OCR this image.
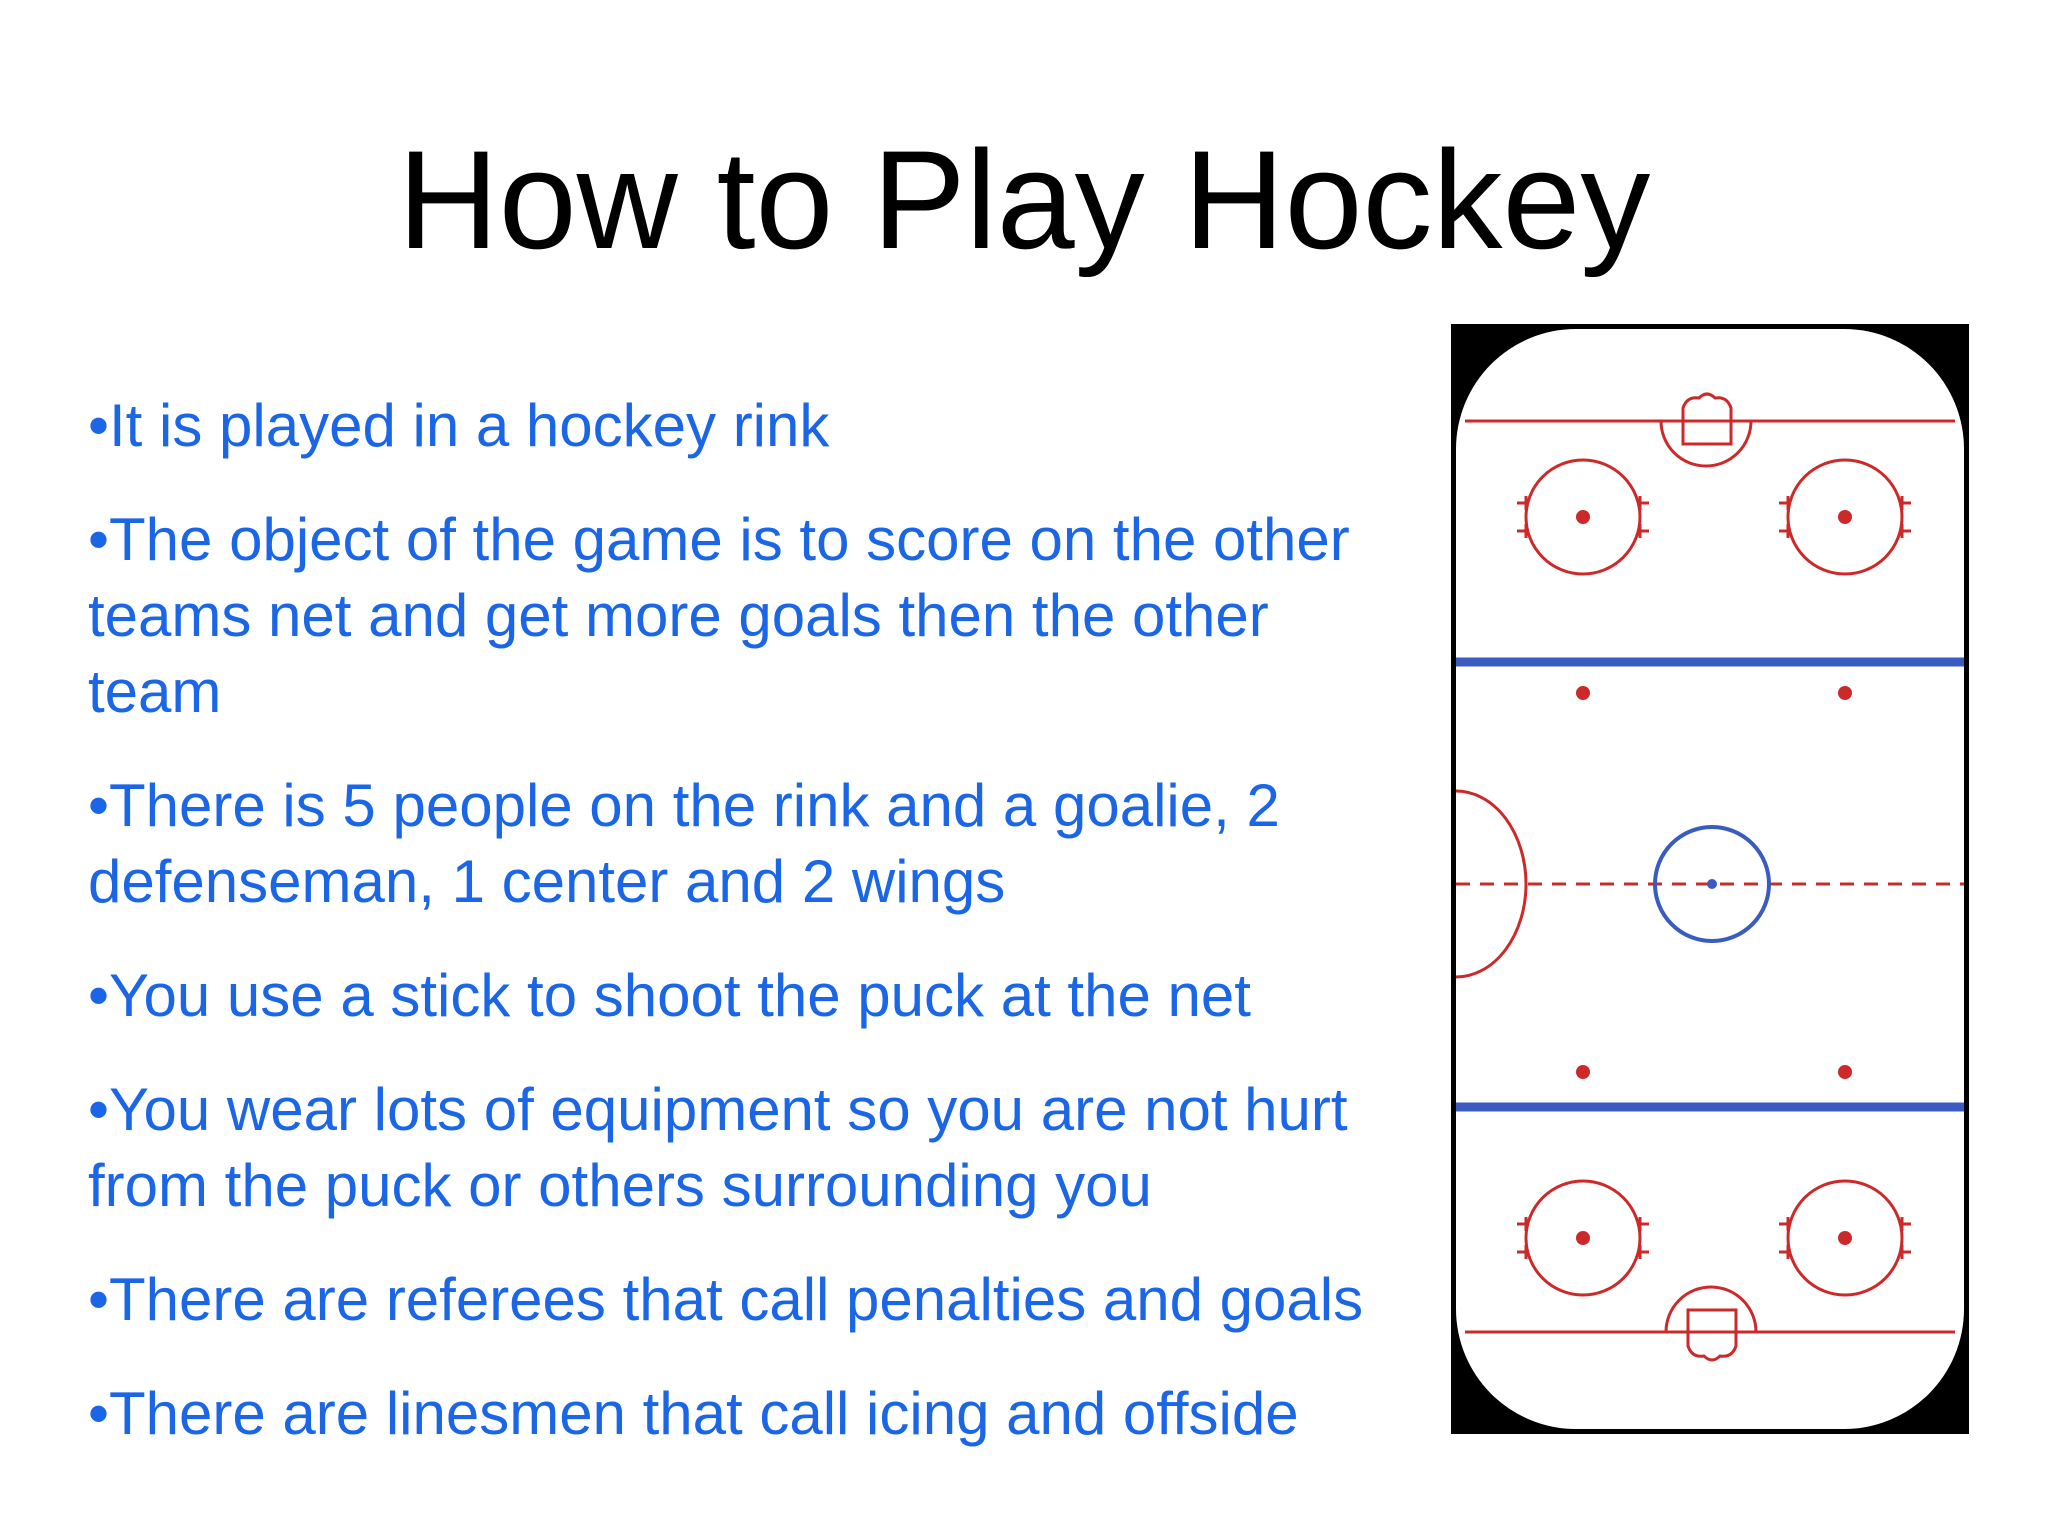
How to Play Hockey
•It is played in a hockey rink
•The object of the game is to score on the other teams net and get more goals then the other team
•There is 5 people on the rink and a goalie, 2 defenseman, 1 center and 2 wings
•You use a stick to shoot the puck at the net
•You wear lots of equipment so you are not hurt from the puck or others surrounding you
•There are referees that call penalties and goals
•There are linesmen that call icing and offside
